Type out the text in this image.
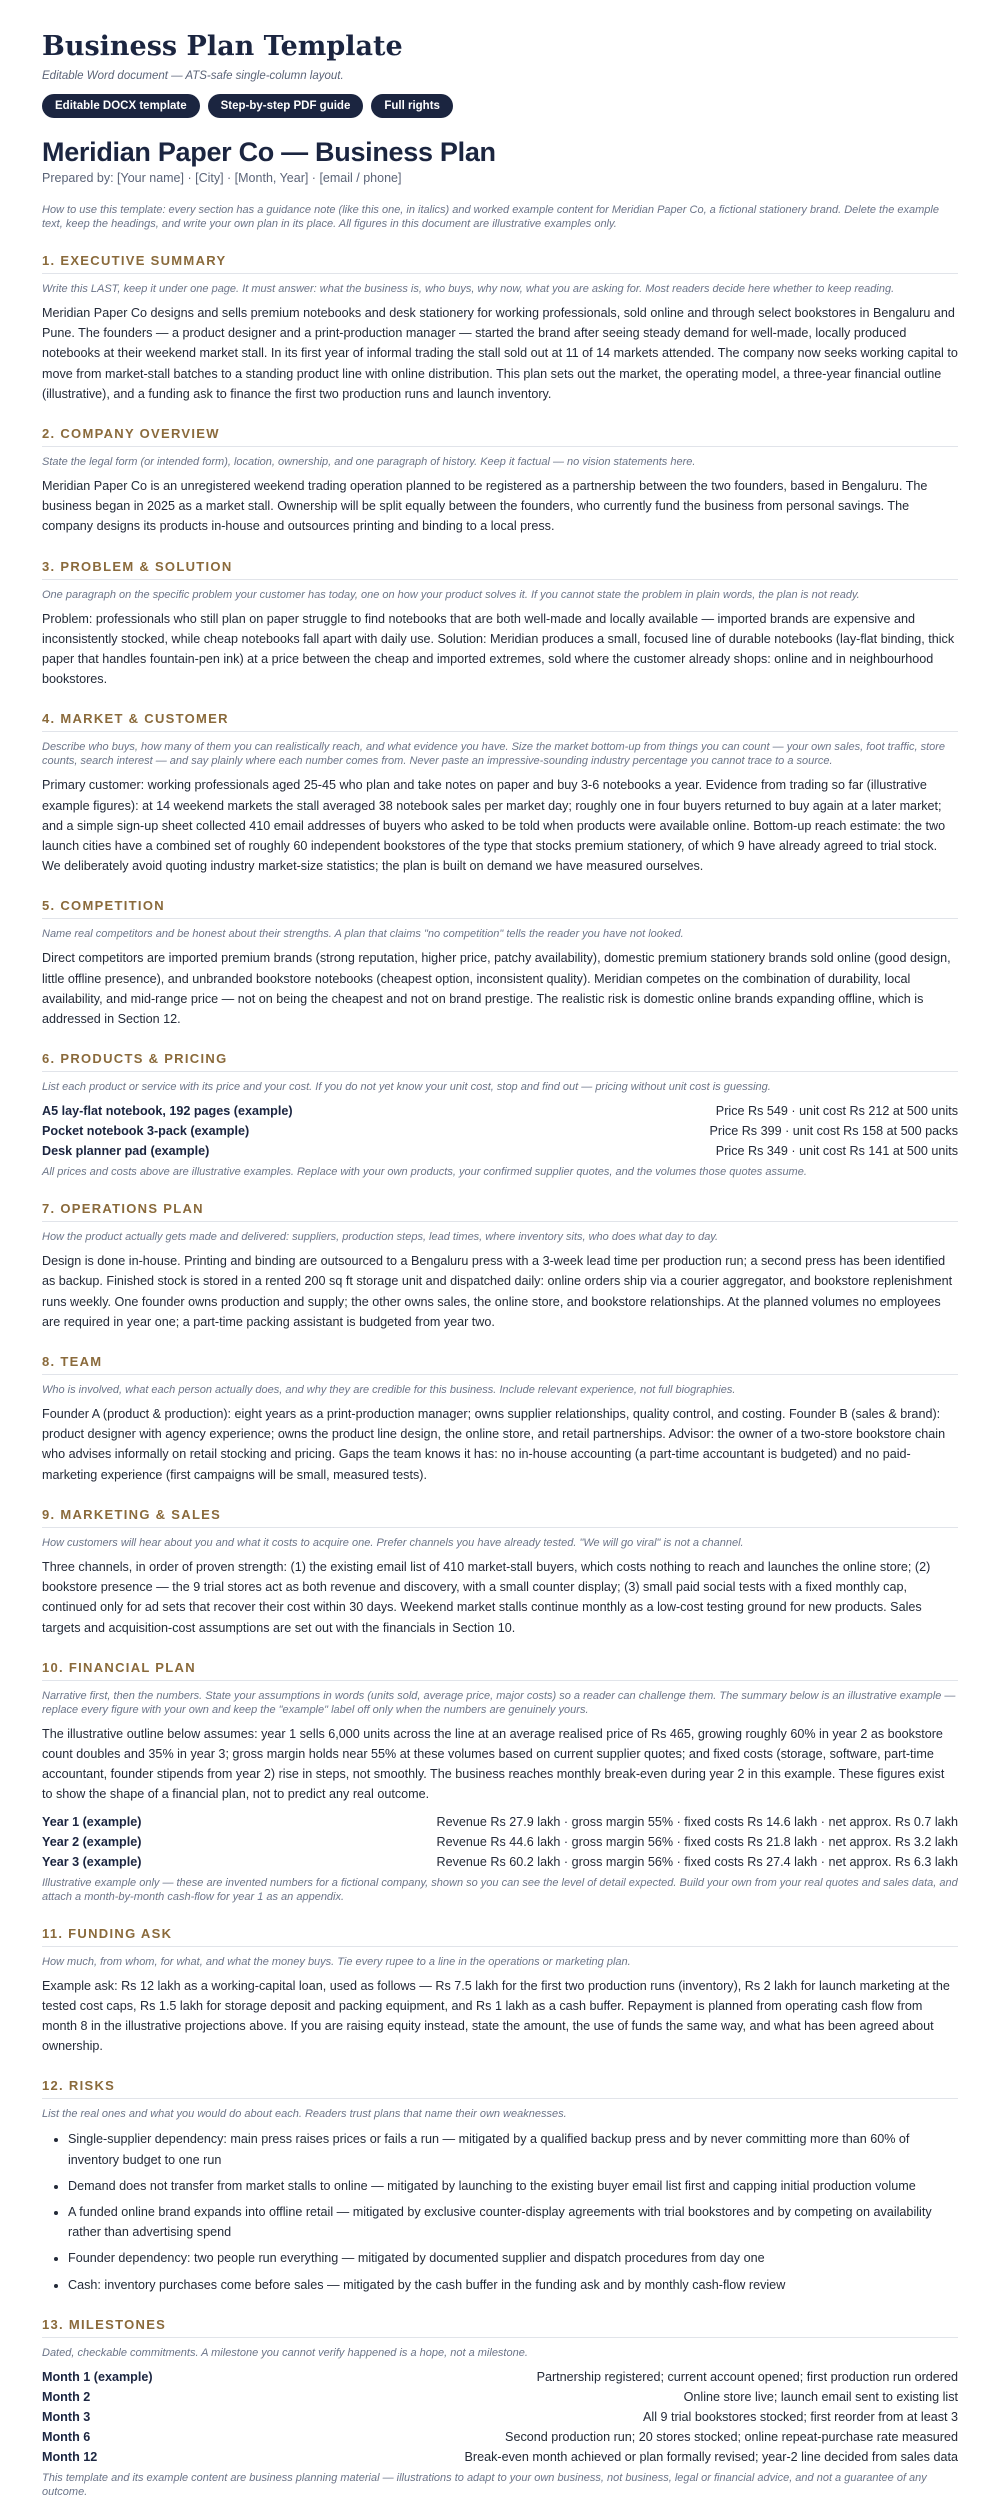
Business Plan Template
Editable Word document — ATS-safe single-column layout.
Editable DOCX template	Step-by-step PDF guide	Full rights
Meridian Paper Co — Business Plan
Prepared by: [Your name] · [City] · [Month, Year] · [email / phone]
How to use this template: every section has a guidance note (like this one, in italics) and worked example content for Meridian Paper Co, a fictional stationery brand. Delete the example text, keep the headings, and write your own plan in its place. All figures in this document are illustrative examples only.
1. EXECUTIVE SUMMARY
Write this LAST, keep it under one page. It must answer: what the business is, who buys, why now, what you are asking for. Most readers decide here whether to keep reading.
Meridian Paper Co designs and sells premium notebooks and desk stationery for working professionals, sold online and through select bookstores in Bengaluru and Pune. The founders — a product designer and a print-production manager — started the brand after seeing steady demand for well-made, locally produced notebooks at their weekend market stall. In its first year of informal trading the stall sold out at 11 of 14 markets attended. The company now seeks working capital to move from market-stall batches to a standing product line with online distribution. This plan sets out the market, the operating model, a three-year financial outline (illustrative), and a funding ask to finance the first two production runs and launch inventory.
2. COMPANY OVERVIEW
State the legal form (or intended form), location, ownership, and one paragraph of history. Keep it factual — no vision statements here.
Meridian Paper Co is an unregistered weekend trading operation planned to be registered as a partnership between the two founders, based in Bengaluru. The business began in 2025 as a market stall. Ownership will be split equally between the founders, who currently fund the business from personal savings. The company designs its products in-house and outsources printing and binding to a local press.
3. PROBLEM & SOLUTION
One paragraph on the specific problem your customer has today, one on how your product solves it. If you cannot state the problem in plain words, the plan is not ready.
Problem: professionals who still plan on paper struggle to find notebooks that are both well-made and locally available — imported brands are expensive and inconsistently stocked, while cheap notebooks fall apart with daily use. Solution: Meridian produces a small, focused line of durable notebooks (lay-flat binding, thick paper that handles fountain-pen ink) at a price between the cheap and imported extremes, sold where the customer already shops: online and in neighbourhood bookstores.
4. MARKET & CUSTOMER
Describe who buys, how many of them you can realistically reach, and what evidence you have. Size the market bottom-up from things you can count — your own sales, foot traffic, store counts, search interest — and say plainly where each number comes from. Never paste an impressive-sounding industry percentage you cannot trace to a source.
Primary customer: working professionals aged 25-45 who plan and take notes on paper and buy 3-6 notebooks a year. Evidence from trading so far (illustrative example figures): at 14 weekend markets the stall averaged 38 notebook sales per market day; roughly one in four buyers returned to buy again at a later market; and a simple sign-up sheet collected 410 email addresses of buyers who asked to be told when products were available online. Bottom-up reach estimate: the two launch cities have a combined set of roughly 60 independent bookstores of the type that stocks premium stationery, of which 9 have already agreed to trial stock. We deliberately avoid quoting industry market-size statistics; the plan is built on demand we have measured ourselves.
5. COMPETITION
Name real competitors and be honest about their strengths. A plan that claims "no competition" tells the reader you have not looked.
Direct competitors are imported premium brands (strong reputation, higher price, patchy availability), domestic premium stationery brands sold online (good design, little offline presence), and unbranded bookstore notebooks (cheapest option, inconsistent quality). Meridian competes on the combination of durability, local availability, and mid-range price — not on being the cheapest and not on brand prestige. The realistic risk is domestic online brands expanding offline, which is addressed in Section 12.
6. PRODUCTS & PRICING
List each product or service with its price and your cost. If you do not yet know your unit cost, stop and find out — pricing without unit cost is guessing.
A5 lay-flat notebook, 192 pages (example)	Price Rs 549 · unit cost Rs 212 at 500 units
Pocket notebook 3-pack (example)	Price Rs 399 · unit cost Rs 158 at 500 packs
Desk planner pad (example)	Price Rs 349 · unit cost Rs 141 at 500 units
All prices and costs above are illustrative examples. Replace with your own products, your confirmed supplier quotes, and the volumes those quotes assume.
7. OPERATIONS PLAN
How the product actually gets made and delivered: suppliers, production steps, lead times, where inventory sits, who does what day to day.
Design is done in-house. Printing and binding are outsourced to a Bengaluru press with a 3-week lead time per production run; a second press has been identified as backup. Finished stock is stored in a rented 200 sq ft storage unit and dispatched daily: online orders ship via a courier aggregator, and bookstore replenishment runs weekly. One founder owns production and supply; the other owns sales, the online store, and bookstore relationships. At the planned volumes no employees are required in year one; a part-time packing assistant is budgeted from year two.
8. TEAM
Who is involved, what each person actually does, and why they are credible for this business. Include relevant experience, not full biographies.
Founder A (product & production): eight years as a print-production manager; owns supplier relationships, quality control, and costing. Founder B (sales & brand): product designer with agency experience; owns the product line design, the online store, and retail partnerships. Advisor: the owner of a two-store bookstore chain who advises informally on retail stocking and pricing. Gaps the team knows it has: no in-house accounting (a part-time accountant is budgeted) and no paid-marketing experience (first campaigns will be small, measured tests).
9. MARKETING & SALES
How customers will hear about you and what it costs to acquire one. Prefer channels you have already tested. "We will go viral" is not a channel.
Three channels, in order of proven strength: (1) the existing email list of 410 market-stall buyers, which costs nothing to reach and launches the online store; (2) bookstore presence — the 9 trial stores act as both revenue and discovery, with a small counter display; (3) small paid social tests with a fixed monthly cap, continued only for ad sets that recover their cost within 30 days. Weekend market stalls continue monthly as a low-cost testing ground for new products. Sales targets and acquisition-cost assumptions are set out with the financials in Section 10.
10. FINANCIAL PLAN
Narrative first, then the numbers. State your assumptions in words (units sold, average price, major costs) so a reader can challenge them. The summary below is an illustrative example — replace every figure with your own and keep the "example" label off only when the numbers are genuinely yours.
The illustrative outline below assumes: year 1 sells 6,000 units across the line at an average realised price of Rs 465, growing roughly 60% in year 2 as bookstore count doubles and 35% in year 3; gross margin holds near 55% at these volumes based on current supplier quotes; and fixed costs (storage, software, part-time accountant, founder stipends from year 2) rise in steps, not smoothly. The business reaches monthly break-even during year 2 in this example. These figures exist to show the shape of a financial plan, not to predict any real outcome.
Year 1 (example)	Revenue Rs 27.9 lakh · gross margin 55% · fixed costs Rs 14.6 lakh · net approx. Rs 0.7 lakh
Year 2 (example)	Revenue Rs 44.6 lakh · gross margin 56% · fixed costs Rs 21.8 lakh · net approx. Rs 3.2 lakh
Year 3 (example)	Revenue Rs 60.2 lakh · gross margin 56% · fixed costs Rs 27.4 lakh · net approx. Rs 6.3 lakh
Illustrative example only — these are invented numbers for a fictional company, shown so you can see the level of detail expected. Build your own from your real quotes and sales data, and attach a month-by-month cash-flow for year 1 as an appendix.
11. FUNDING ASK
How much, from whom, for what, and what the money buys. Tie every rupee to a line in the operations or marketing plan.
Example ask: Rs 12 lakh as a working-capital loan, used as follows — Rs 7.5 lakh for the first two production runs (inventory), Rs 2 lakh for launch marketing at the tested cost caps, Rs 1.5 lakh for storage deposit and packing equipment, and Rs 1 lakh as a cash buffer. Repayment is planned from operating cash flow from month 8 in the illustrative projections above. If you are raising equity instead, state the amount, the use of funds the same way, and what has been agreed about ownership.
12. RISKS
List the real ones and what you would do about each. Readers trust plans that name their own weaknesses.
• Single-supplier dependency: main press raises prices or fails a run — mitigated by a qualified backup press and by never committing more than 60% of inventory budget to one run
• Demand does not transfer from market stalls to online — mitigated by launching to the existing buyer email list first and capping initial production volume
• A funded online brand expands into offline retail — mitigated by exclusive counter-display agreements with trial bookstores and by competing on availability rather than advertising spend
• Founder dependency: two people run everything — mitigated by documented supplier and dispatch procedures from day one
• Cash: inventory purchases come before sales — mitigated by the cash buffer in the funding ask and by monthly cash-flow review
13. MILESTONES
Dated, checkable commitments. A milestone you cannot verify happened is a hope, not a milestone.
Month 1 (example)	Partnership registered; current account opened; first production run ordered
Month 2	Online store live; launch email sent to existing list
Month 3	All 9 trial bookstores stocked; first reorder from at least 3
Month 6	Second production run; 20 stores stocked; online repeat-purchase rate measured
Month 12	Break-even month achieved or plan formally revised; year-2 line decided from sales data
This template and its example content are business planning material — illustrations to adapt to your own business, not business, legal or financial advice, and not a guarantee of any outcome.
